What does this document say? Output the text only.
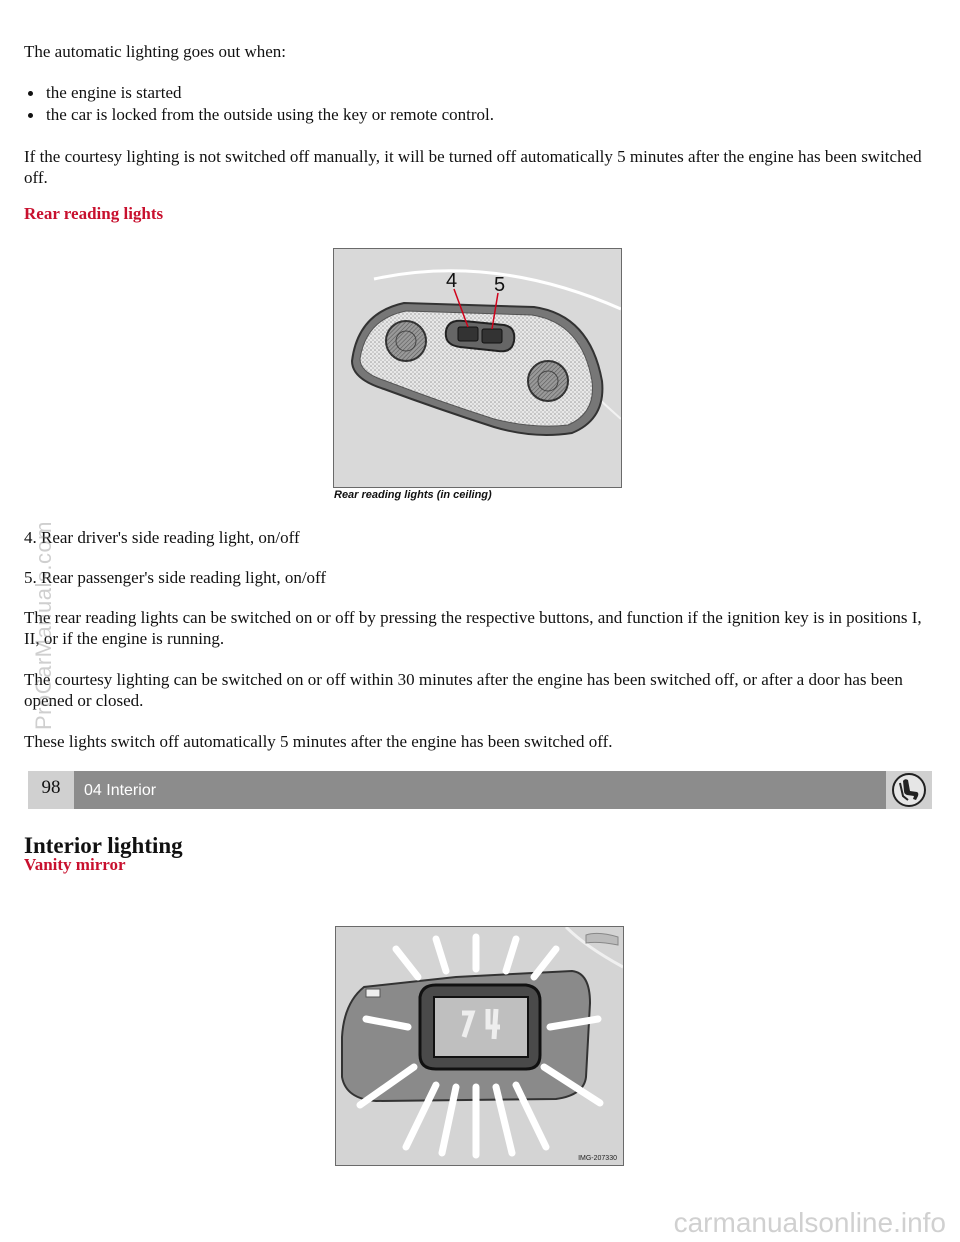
The automatic lighting goes out when:

the engine is started
the car is locked from the outside using the key or remote control.

If the courtesy lighting is not switched off manually, it will be turned off automatically 5 minutes after the engine has been switched off.

Rear reading lights
4 5
Rear reading lights (in ceiling)

4. Rear driver's side reading light, on/off

5. Rear passenger's side reading light, on/off

The rear reading lights can be switched on or off by pressing the respective buttons, and function if the ignition key is in positions I, II, or if the engine is running.

The courtesy lighting can be switched on or off within 30 minutes after the engine has been switched off, or after a door has been opened or closed.

These lights switch off automatically 5 minutes after the engine has been switched off.

98	04 Interior
Interior lighting
Vanity mirror
IMG-207330
ProCarManuals.com
carmanualsonline.info
